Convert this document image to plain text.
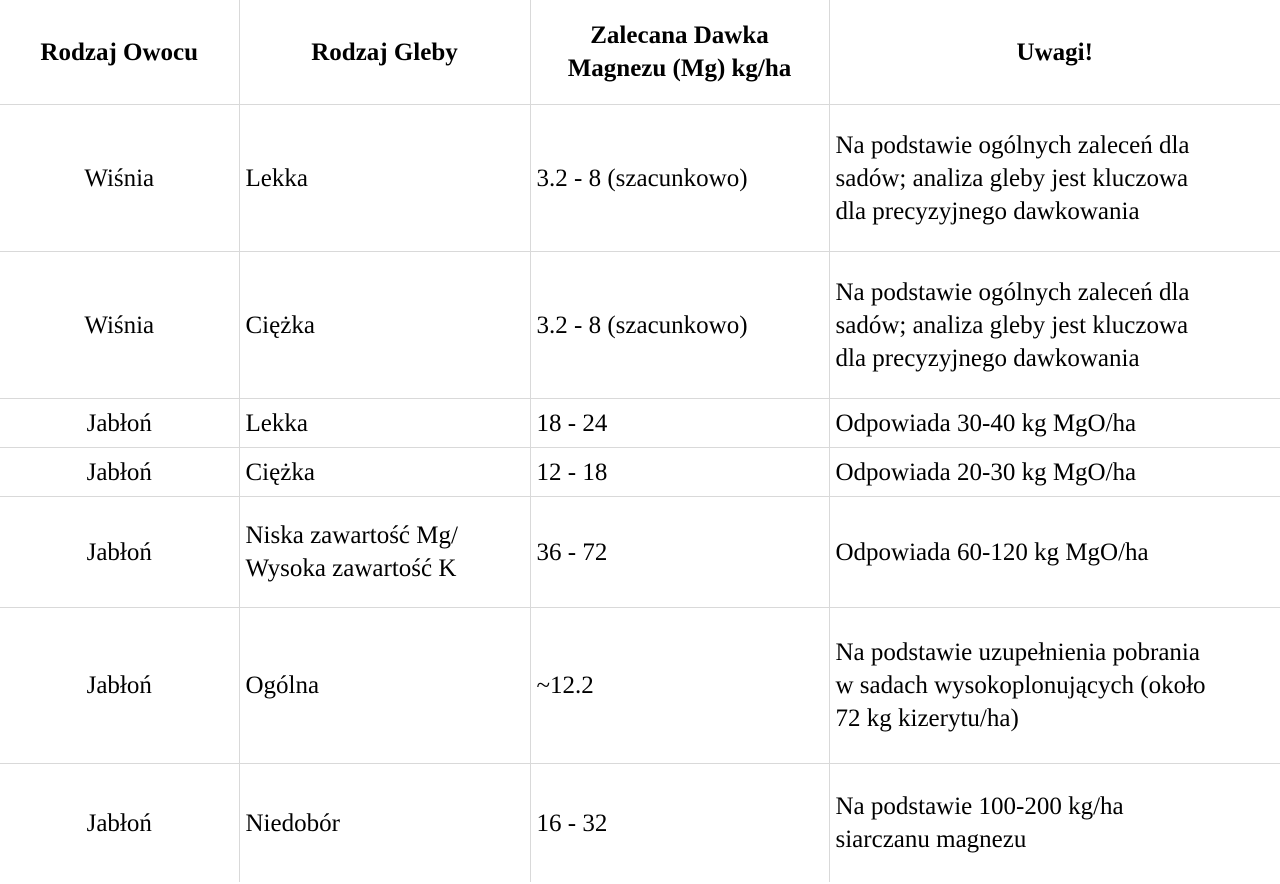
Rodzaj Owocu	Rodzaj Gleby	Zalecana Dawka
Magnezu (Mg) kg/ha	Uwagi!
Wiśnia	Lekka	3.2 - 8 (szacunkowo)	Na podstawie ogólnych zaleceń dla
sadów; analiza gleby jest kluczowa
dla precyzyjnego dawkowania

Wiśnia	Ciężka	3.2 - 8 (szacunkowo)	Na podstawie ogólnych zaleceń dla
sadów; analiza gleby jest kluczowa
dla precyzyjnego dawkowania

Jabłoń	Lekka	18 - 24	Odpowiada 30-40 kg MgO/ha
Jabłoń	Ciężka	12 - 18	Odpowiada 20-30 kg MgO/ha
Jabłoń	Niska zawartość Mg/
Wysoka zawartość K	36 - 72	Odpowiada 60-120 kg MgO/ha
Jabłoń	Ogólna	~12.2	Na podstawie uzupełnienia pobrania
w sadach wysokoplonujących (około
72 kg kizerytu/ha)

Jabłoń	Niedobór	16 - 32	Na podstawie 100-200 kg/ha
siarczanu magnezu
